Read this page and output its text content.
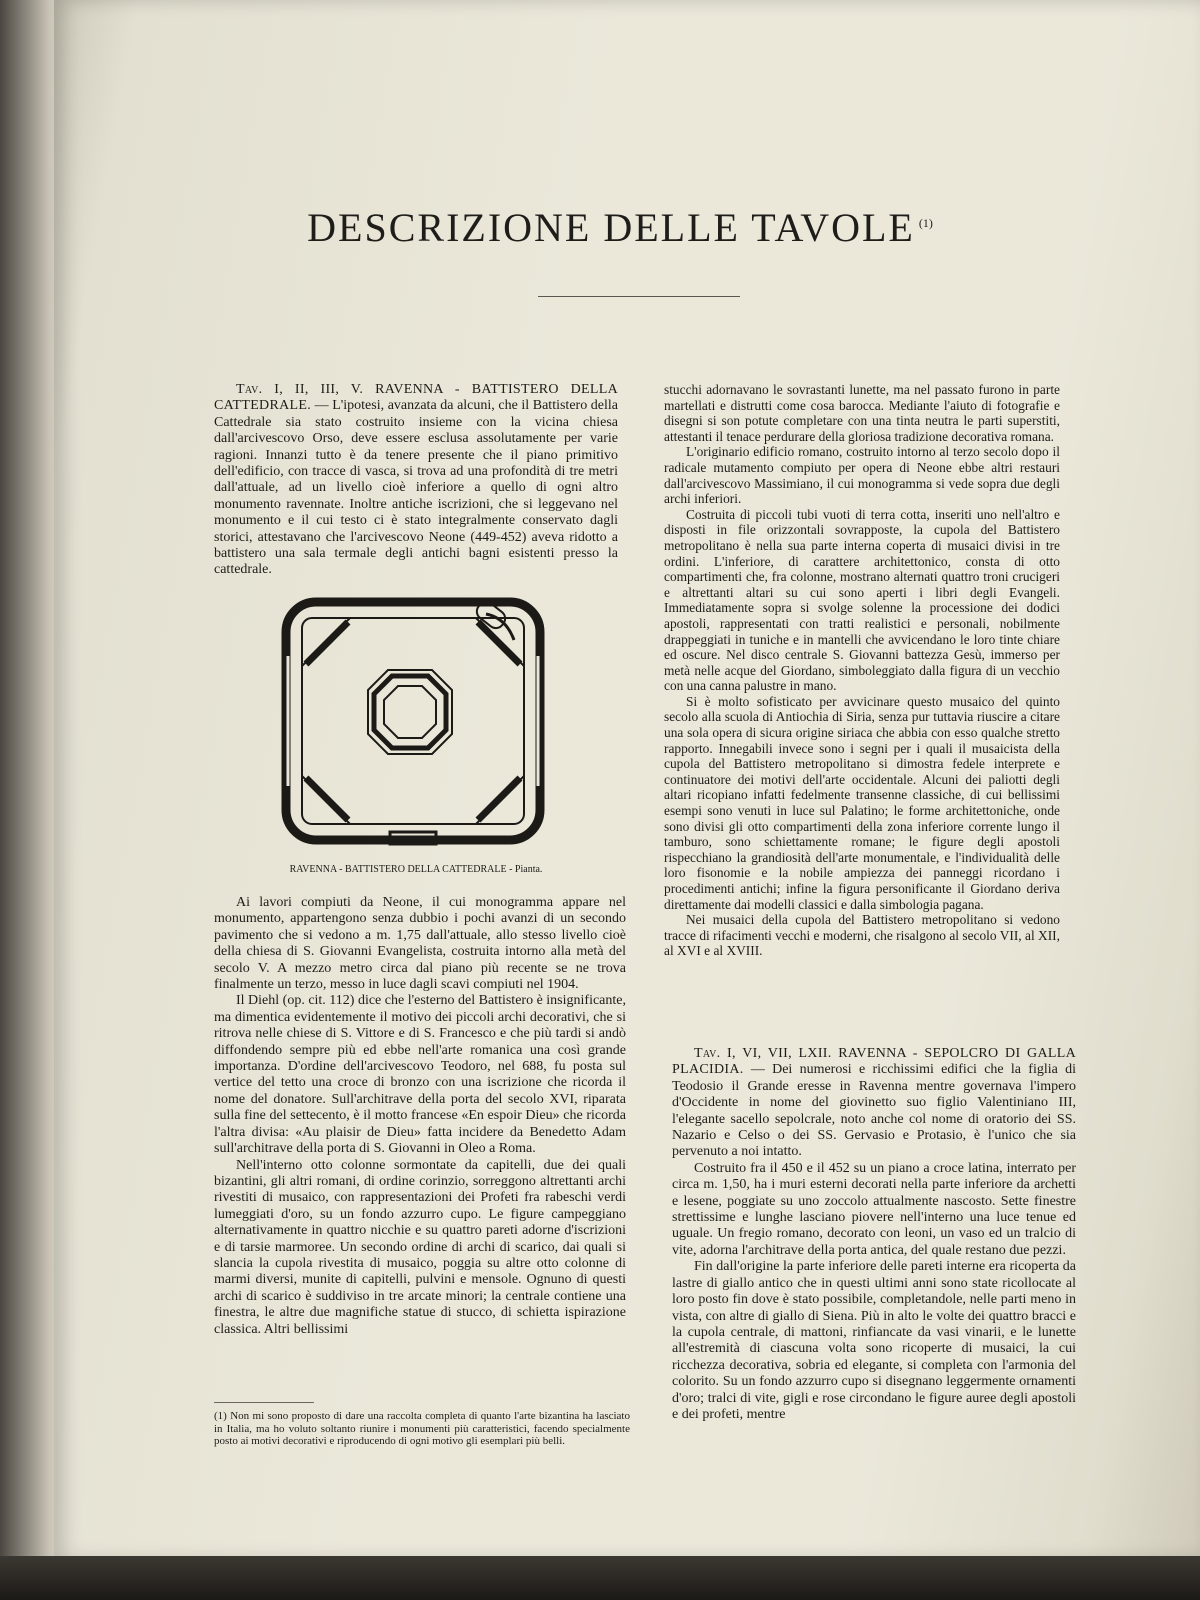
DESCRIZIONE DELLE TAVOLE $^{(1)}$

Tav. I, II, III, V. RAVENNA - BATTISTERO DELLA CATTEDRALE. — L'ipotesi, avanzata da alcuni, che il Battistero della Cattedrale sia stato costruito insieme con la vicina chiesa dall'arcivescovo Orso, deve essere esclusa assolutamente per varie ragioni. Innanzi tutto è da tenere presente che il piano primitivo dell'edificio, con tracce di vasca, si trova ad una profondità di tre metri dall'attuale, ad un livello cioè inferiore a quello di ogni altro monumento ravennate. Inoltre antiche iscrizioni, che si leggevano nel monumento e il cui testo ci è stato integralmente conservato dagli storici, attestavano che l'arcivescovo Neone (449-452) aveva ridotto a battistero una sala termale degli antichi bagni esistenti presso la cattedrale.

RAVENNA - BATTISTERO DELLA CATTEDRALE - Pianta.

Ai lavori compiuti da Neone, il cui monogramma appare nel monumento, appartengono senza dubbio i pochi avanzi di un secondo pavimento che si vedono a m. 1,75 dall'attuale, allo stesso livello cioè della chiesa di S. Giovanni Evangelista, costruita intorno alla metà del secolo V. A mezzo metro circa dal piano più recente se ne trova finalmente un terzo, messo in luce dagli scavi compiuti nel 1904.

Il Diehl (op. cit. 112) dice che l'esterno del Battistero è insignificante, ma dimentica evidentemente il motivo dei piccoli archi decorativi, che si ritrova nelle chiese di S. Vittore e di S. Francesco e che più tardi si andò diffondendo sempre più ed ebbe nell'arte romanica una così grande importanza. D'ordine dell'arcivescovo Teodoro, nel 688, fu posta sul vertice del tetto una croce di bronzo con una iscrizione che ricorda il nome del donatore. Sull'architrave della porta del secolo XVI, riparata sulla fine del settecento, è il motto francese «En espoir Dieu» che ricorda l'altra divisa: «Au plaisir de Dieu» fatta incidere da Benedetto Adam sull'architrave della porta di S. Giovanni in Oleo a Roma.

Nell'interno otto colonne sormontate da capitelli, due dei quali bizantini, gli altri romani, di ordine corinzio, sorreggono altrettanti archi rivestiti di musaico, con rappresentazioni dei Profeti fra rabeschi verdi lumeggiati d'oro, su un fondo azzurro cupo. Le figure campeggiano alternativamente in quattro nicchie e su quattro pareti adorne d'iscrizioni e di tarsie marmoree. Un secondo ordine di archi di scarico, dai quali si slancia la cupola rivestita di musaico, poggia su altre otto colonne di marmi diversi, munite di capitelli, pulvini e mensole. Ognuno di questi archi di scarico è suddiviso in tre arcate minori; la centrale contiene una finestra, le altre due magnifiche statue di stucco, di schietta ispirazione classica. Altri bellissimi

(1) Non mi sono proposto di dare una raccolta completa di quanto l'arte bizantina ha lasciato in Italia, ma ho voluto soltanto riunire i monumenti più caratteristici, facendo specialmente posto ai motivi decorativi e riproducendo di ogni motivo gli esemplari più belli.

stucchi adornavano le sovrastanti lunette, ma nel passato furono in parte martellati e distrutti come cosa barocca. Mediante l'aiuto di fotografie e disegni si son potute completare con una tinta neutra le parti superstiti, attestanti il tenace perdurare della gloriosa tradizione decorativa romana.

L'originario edificio romano, costruito intorno al terzo secolo dopo il radicale mutamento compiuto per opera di Neone ebbe altri restauri dall'arcivescovo Massimiano, il cui monogramma si vede sopra due degli archi inferiori.

Costruita di piccoli tubi vuoti di terra cotta, inseriti uno nell'altro e disposti in file orizzontali sovrapposte, la cupola del Battistero metropolitano è nella sua parte interna coperta di musaici divisi in tre ordini. L'inferiore, di carattere architettonico, consta di otto compartimenti che, fra colonne, mostrano alternati quattro troni crucigeri e altrettanti altari su cui sono aperti i libri degli Evangeli. Immediatamente sopra si svolge solenne la processione dei dodici apostoli, rappresentati con tratti realistici e personali, nobilmente drappeggiati in tuniche e in mantelli che avvicendano le loro tinte chiare ed oscure. Nel disco centrale S. Giovanni battezza Gesù, immerso per metà nelle acque del Giordano, simboleggiato dalla figura di un vecchio con una canna palustre in mano.

Si è molto sofisticato per avvicinare questo musaico del quinto secolo alla scuola di Antiochia di Siria, senza pur tuttavia riuscire a citare una sola opera di sicura origine siriaca che abbia con esso qualche stretto rapporto. Innegabili invece sono i segni per i quali il musaicista della cupola del Battistero metropolitano si dimostra fedele interprete e continuatore dei motivi dell'arte occidentale. Alcuni dei paliotti degli altari ricopiano infatti fedelmente transenne classiche, di cui bellissimi esempi sono venuti in luce sul Palatino; le forme architettoniche, onde sono divisi gli otto compartimenti della zona inferiore corrente lungo il tamburo, sono schiettamente romane; le figure degli apostoli rispecchiano la grandiosità dell'arte monumentale, e l'individualità delle loro fisonomie e la nobile ampiezza dei panneggi ricordano i procedimenti antichi; infine la figura personificante il Giordano deriva direttamente dai modelli classici e dalla simbologia pagana.

Nei musaici della cupola del Battistero metropolitano si vedono tracce di rifacimenti vecchi e moderni, che risalgono al secolo VII, al XII, al XVI e al XVIII.

Tav. I, VI, VII, LXII. RAVENNA - SEPOLCRO DI GALLA PLACIDIA. — Dei numerosi e ricchissimi edifici che la figlia di Teodosio il Grande eresse in Ravenna mentre governava l'impero d'Occidente in nome del giovinetto suo figlio Valentiniano III, l'elegante sacello sepolcrale, noto anche col nome di oratorio dei SS. Nazario e Celso o dei SS. Gervasio e Protasio, è l'unico che sia pervenuto a noi intatto.

Costruito fra il 450 e il 452 su un piano a croce latina, interrato per circa m. 1,50, ha i muri esterni decorati nella parte inferiore da archetti e lesene, poggiate su uno zoccolo attualmente nascosto. Sette finestre strettissime e lunghe lasciano piovere nell'interno una luce tenue ed uguale. Un fregio romano, decorato con leoni, un vaso ed un tralcio di vite, adorna l'architrave della porta antica, del quale restano due pezzi.

Fin dall'origine la parte inferiore delle pareti interne era ricoperta da lastre di giallo antico che in questi ultimi anni sono state ricollocate al loro posto fin dove è stato possibile, completandole, nelle parti meno in vista, con altre di giallo di Siena. Più in alto le volte dei quattro bracci e la cupola centrale, di mattoni, rinfiancate da vasi vinarii, e le lunette all'estremità di ciascuna volta sono ricoperte di musaici, la cui ricchezza decorativa, sobria ed elegante, si completa con l'armonia del colorito. Su un fondo azzurro cupo si disegnano leggermente ornamenti d'oro; tralci di vite, gigli e rose circondano le figure auree degli apostoli e dei profeti, mentre
